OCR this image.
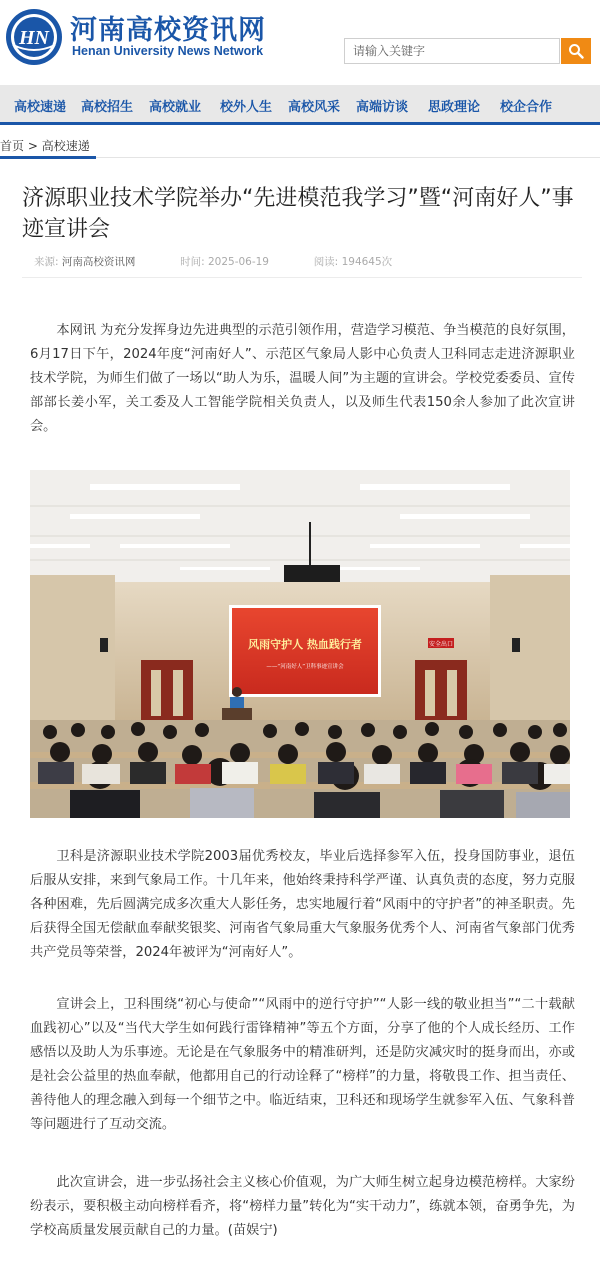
HN 河南高校资讯网
Henan University News Network
请输入关键字
高校速递 高校招生 高校就业 校外人生 高校风采 高端访谈 思政理论 校企合作
首页 > 高校速递
济源职业技术学院举办“先进模范我学习”暨“河南好人”事迹宣讲会
来源: 河南高校资讯网	时间: 2025-06-19	阅读: 194645次

本网讯 为充分发挥身边先进典型的示范引领作用，营造学习模范、争当模范的良好氛围，6月17日下午，2024年度“河南好人”、示范区气象局人影中心负责人卫科同志走进济源职业技术学院，为师生们做了一场以“助人为乐，温暖人间”为主题的宣讲会。学校党委委员、宣传部部长姜小军，关工委及人工智能学院相关负责人，以及师生代表150余人参加了此次宣讲会。

安全出口
风雨守护人 热血践行者
——“河南好人”卫科事迹宣讲会

卫科是济源职业技术学院2003届优秀校友，毕业后选择参军入伍，投身国防事业，退伍后服从安排，来到气象局工作。十几年来，他始终秉持科学严谨、认真负责的态度，努力克服各种困难，先后圆满完成多次重大人影任务，忠实地履行着“风雨中的守护者”的神圣职责。先后获得全国无偿献血奉献奖银奖、河南省气象局重大气象服务优秀个人、河南省气象部门优秀共产党员等荣誉，2024年被评为“河南好人”。

宣讲会上，卫科围绕“初心与使命”“风雨中的逆行守护”“人影一线的敬业担当”“二十载献血践初心”以及“当代大学生如何践行雷锋精神”等五个方面，分享了他的个人成长经历、工作感悟以及助人为乐事迹。无论是在气象服务中的精准研判，还是防灾减灾时的挺身而出，亦或是社会公益里的热血奉献，他都用自己的行动诠释了“榜样”的力量，将敬畏工作、担当责任、善待他人的理念融入到每一个细节之中。临近结束，卫科还和现场学生就参军入伍、气象科普等问题进行了互动交流。

此次宣讲会，进一步弘扬社会主义核心价值观，为广大师生树立起身边模范榜样。大家纷纷表示，要积极主动向榜样看齐，将“榜样力量”转化为“实干动力”，练就本领，奋勇争先，为学校高质量发展贡献自己的力量。(苗娱宁)
